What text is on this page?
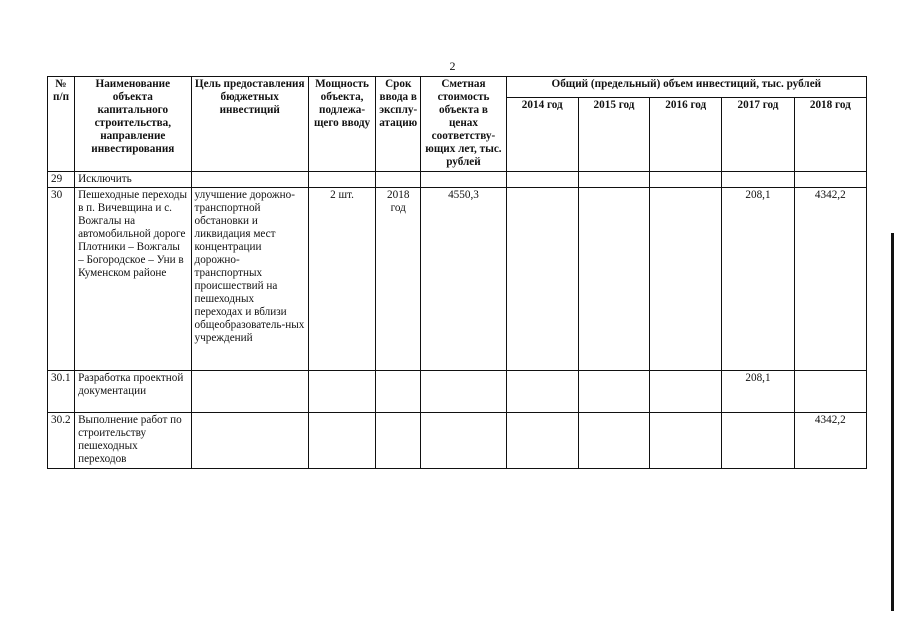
2
№ п/п	Наименование объекта капитального строительства, направление инвестирования	Цель предоставления бюджетных инвестиций	Мощность объекта, подлежа-щего вводу	Срок ввода в эксплу-атацию	Сметная стоимость объекта в ценах соответству-ющих лет, тыс. рублей	Общий (предельный) объем инвестиций, тыс. рублей				
						2014 год	2015 год	2016 год	2017 год	2018 год
29	Исключить									
30	Пешеходные переходы в п. Вичевщина и с. Вожгалы на автомобильной дороге Плотники – Вожгалы – Богородское – Уни в Куменском районе	улучшение дорожно-транспортной обстановки и ликвидация мест концентрации дорожно-транспортных происшествий на пешеходных переходах и вблизи общеобразователь-ных учреждений	2 шт.	2018 год	4550,3				208,1	4342,2
30.1	Разработка проектной документации								208,1	
30.2	Выполнение работ по строительству пешеходных переходов									4342,2
